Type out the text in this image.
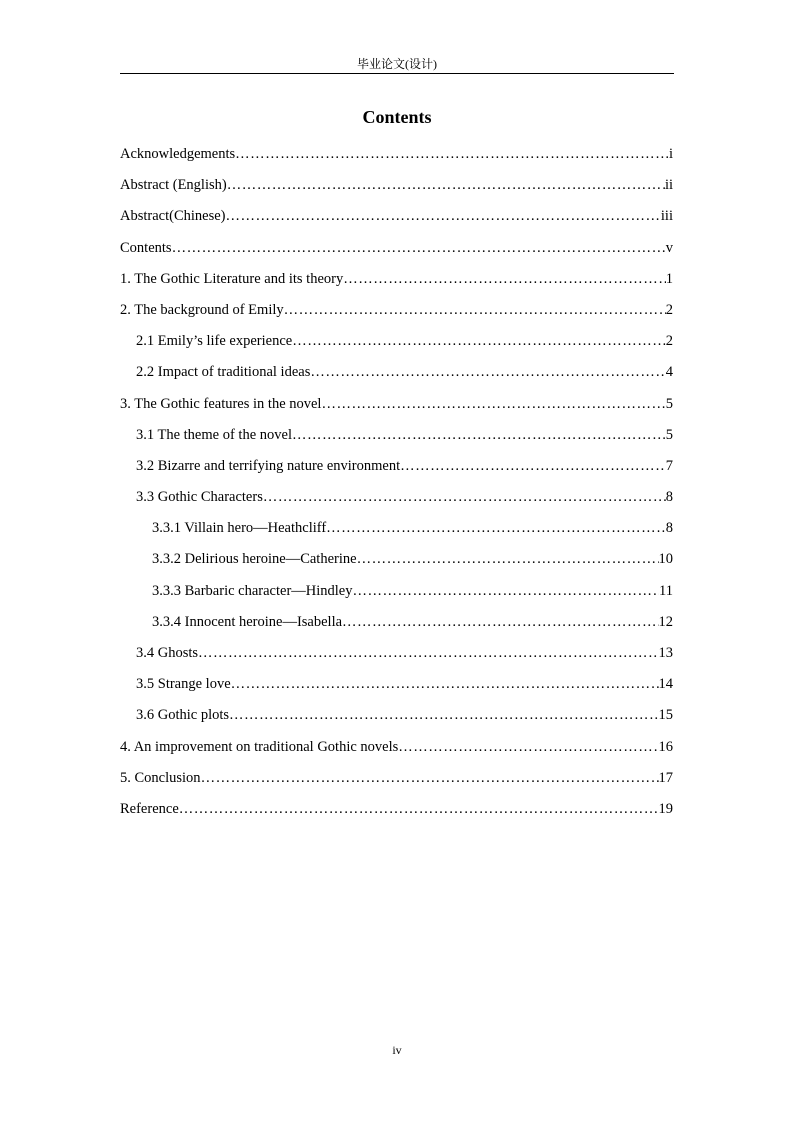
毕业论文(设计)
Contents
Acknowledgements …………………………………………………………………………………………………………………………………………………………………………	i
Abstract (English) …………………………………………………………………………………………………………………………………………………………………………	ii
Abstract(Chinese) …………………………………………………………………………………………………………………………………………………………………………	iii
Contents …………………………………………………………………………………………………………………………………………………………………………	v
1. The Gothic Literature and its theory …………………………………………………………………………………………………………………………………………………………………………	1
2. The background of Emily …………………………………………………………………………………………………………………………………………………………………………	2
2.1 Emily’s life experience …………………………………………………………………………………………………………………………………………………………………………	2
2.2 Impact of traditional ideas …………………………………………………………………………………………………………………………………………………………………………	4
3. The Gothic features in the novel …………………………………………………………………………………………………………………………………………………………………………	5
3.1 The theme of the novel …………………………………………………………………………………………………………………………………………………………………………	5
3.2 Bizarre and terrifying nature environment …………………………………………………………………………………………………………………………………………………………………………	7
3.3 Gothic Characters …………………………………………………………………………………………………………………………………………………………………………	8
3.3.1 Villain hero—Heathcliff …………………………………………………………………………………………………………………………………………………………………………	8
3.3.2 Delirious heroine—Catherine …………………………………………………………………………………………………………………………………………………………………………	10
3.3.3 Barbaric character—Hindley …………………………………………………………………………………………………………………………………………………………………………	11
3.3.4 Innocent heroine—Isabella …………………………………………………………………………………………………………………………………………………………………………	12
3.4 Ghosts …………………………………………………………………………………………………………………………………………………………………………	13
3.5 Strange love …………………………………………………………………………………………………………………………………………………………………………	14
3.6 Gothic plots …………………………………………………………………………………………………………………………………………………………………………	15
4. An improvement on traditional Gothic novels …………………………………………………………………………………………………………………………………………………………………………	16
5. Conclusion …………………………………………………………………………………………………………………………………………………………………………	17
Reference …………………………………………………………………………………………………………………………………………………………………………	19
iv
